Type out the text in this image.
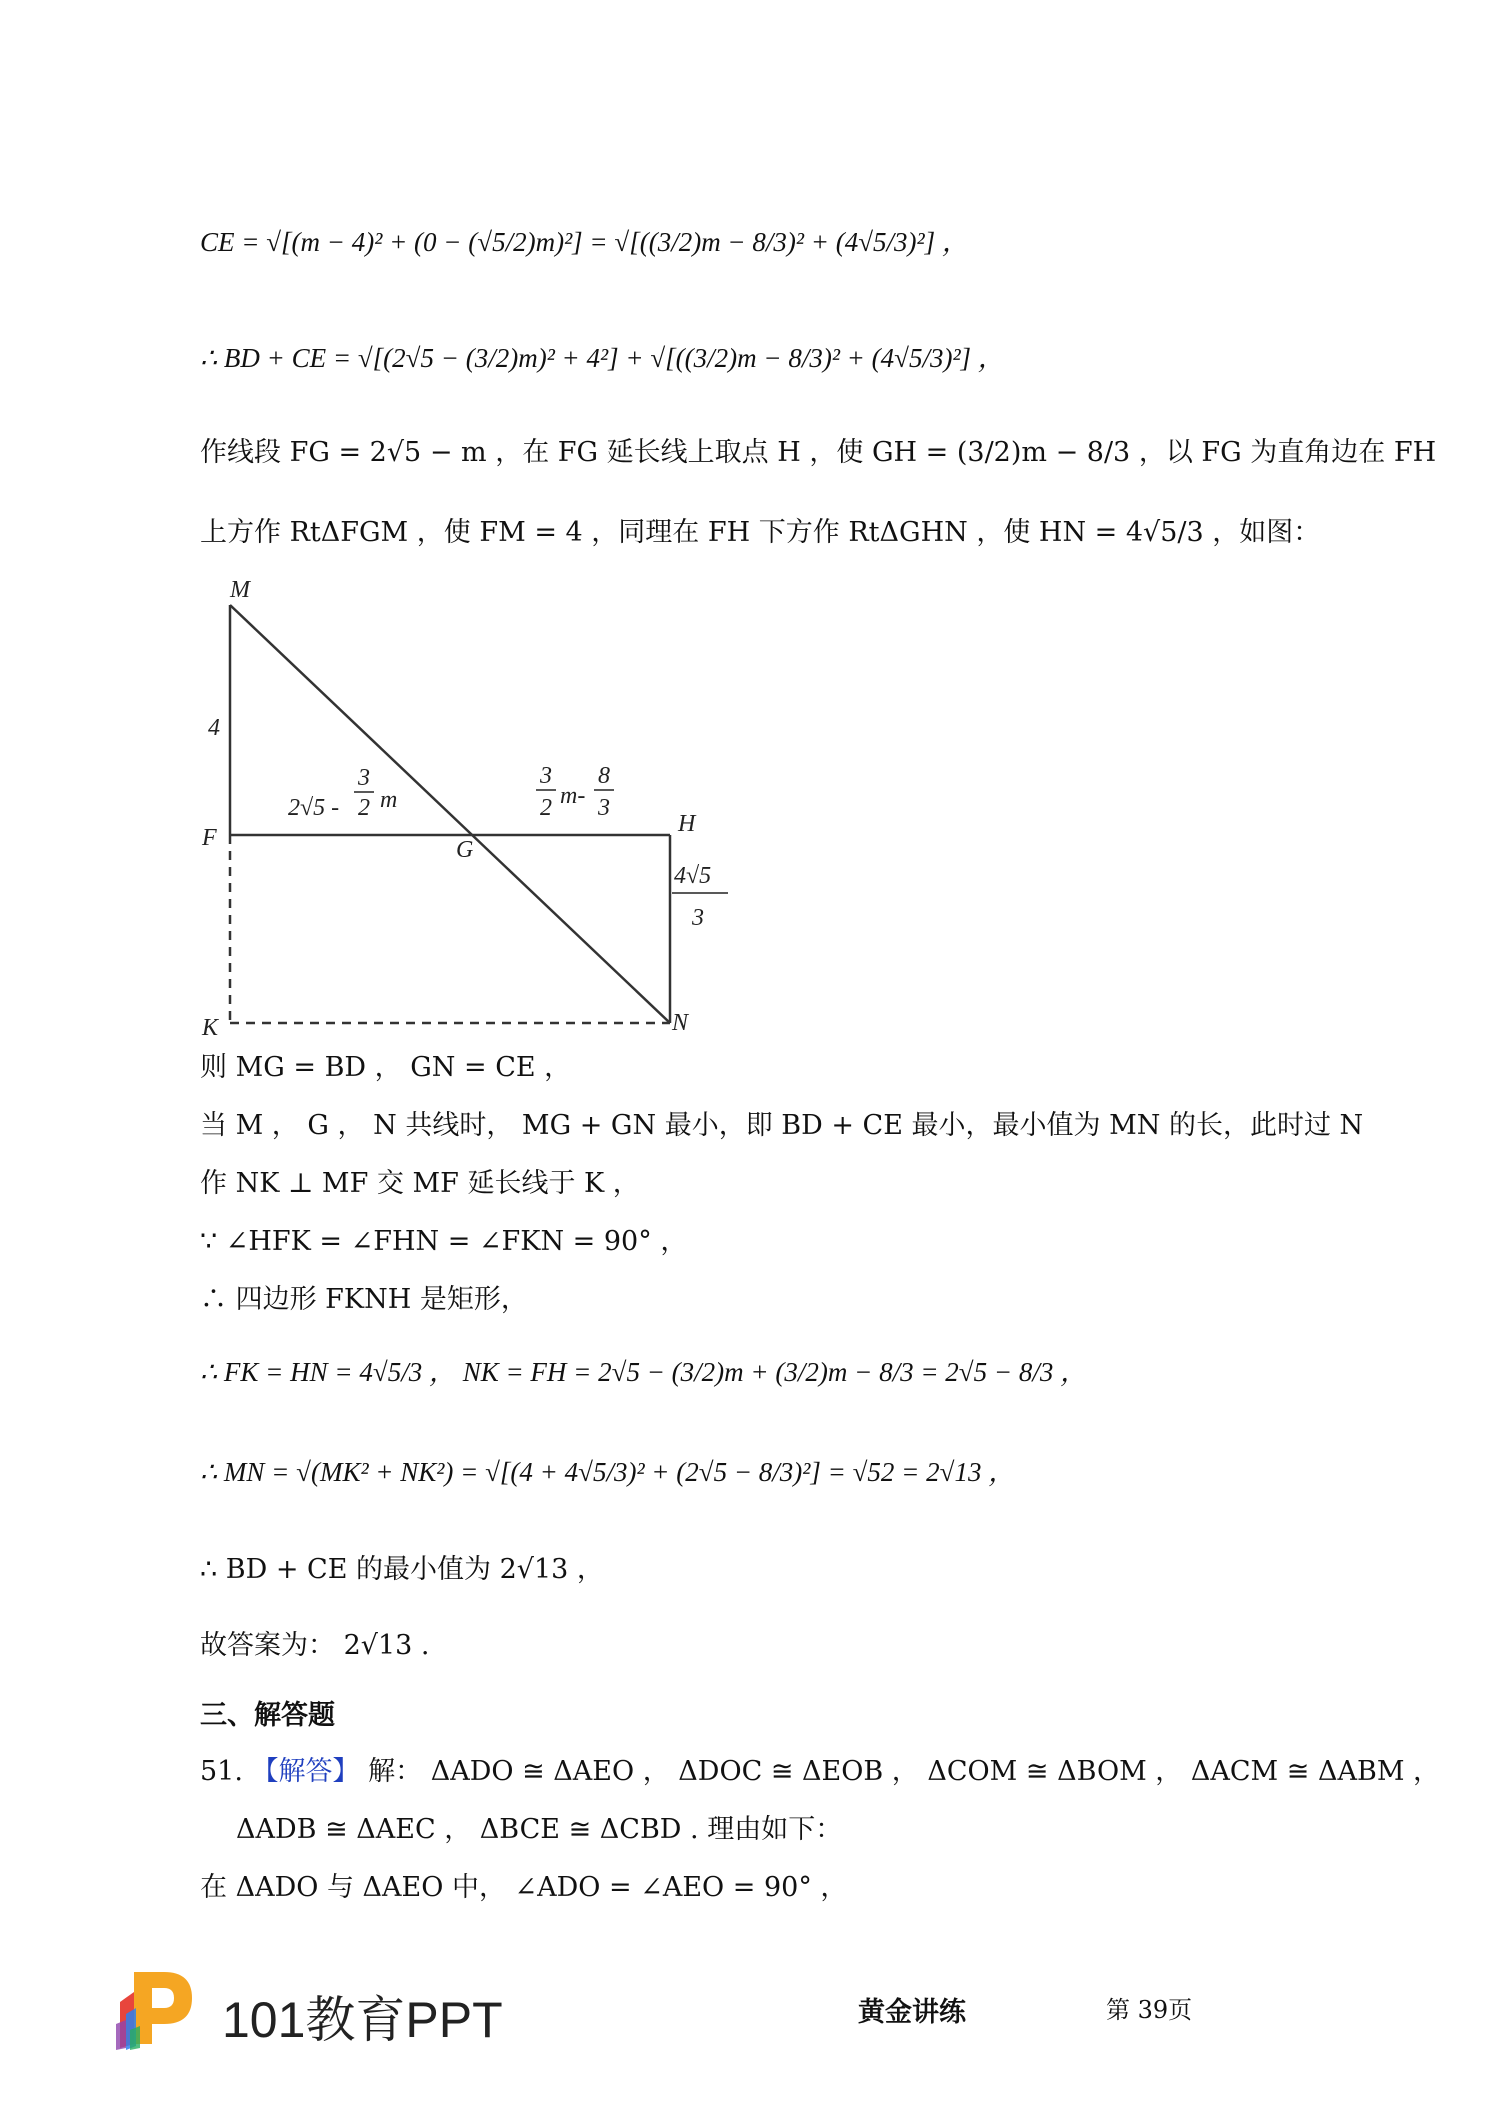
CE = √[(m − 4)² + (0 − (√5/2)m)²] = √[((3/2)m − 8/3)² + (4√5/3)²] ，
∴ BD + CE = √[(2√5 − (3/2)m)² + 4²] + √[((3/2)m − 8/3)² + (4√5/3)²] ，
作线段 FG = 2√5 − m ，在 FG 延长线上取点 H ，使 GH = (3/2)m − 8/3 ，以 FG 为直角边在 FH
上方作 RtΔFGM ，使 FM = 4 ，同理在 FH 下方作 RtΔGHN ，使 HN = 4√5/3 ，如图：
M
F	G
H
K	N
4
2√5 -
3
2 m
3
2 m-
8
3
4√5
3
则 MG = BD ， GN = CE ，
当 M ， G ， N 共线时， MG + GN 最小，即 BD + CE 最小，最小值为 MN 的长，此时过 N
作 NK ⊥ MF 交 MF 延长线于 K ，
∵ ∠HFK = ∠FHN = ∠FKN = 90° ，
∴ 四边形 FKNH 是矩形，
∴ FK = HN = 4√5/3 ， NK = FH = 2√5 − (3/2)m + (3/2)m − 8/3 = 2√5 − 8/3 ，
∴ MN = √(MK² + NK²) = √[(4 + 4√5/3)² + (2√5 − 8/3)²] = √52 = 2√13 ，
∴ BD + CE 的最小值为 2√13 ，
故答案为： 2√13 .
三、解答题
51. 【解答】 解： ΔADO ≅ ΔAEO ， ΔDOC ≅ ΔEOB ， ΔCOM ≅ ΔBOM ， ΔACM ≅ ΔABM ，
ΔADB ≅ ΔAEC ， ΔBCE ≅ ΔCBD . 理由如下：
在 ΔADO 与 ΔAEO 中， ∠ADO = ∠AEO = 90° ，
101教育PPT	黄金讲练	第 39页
